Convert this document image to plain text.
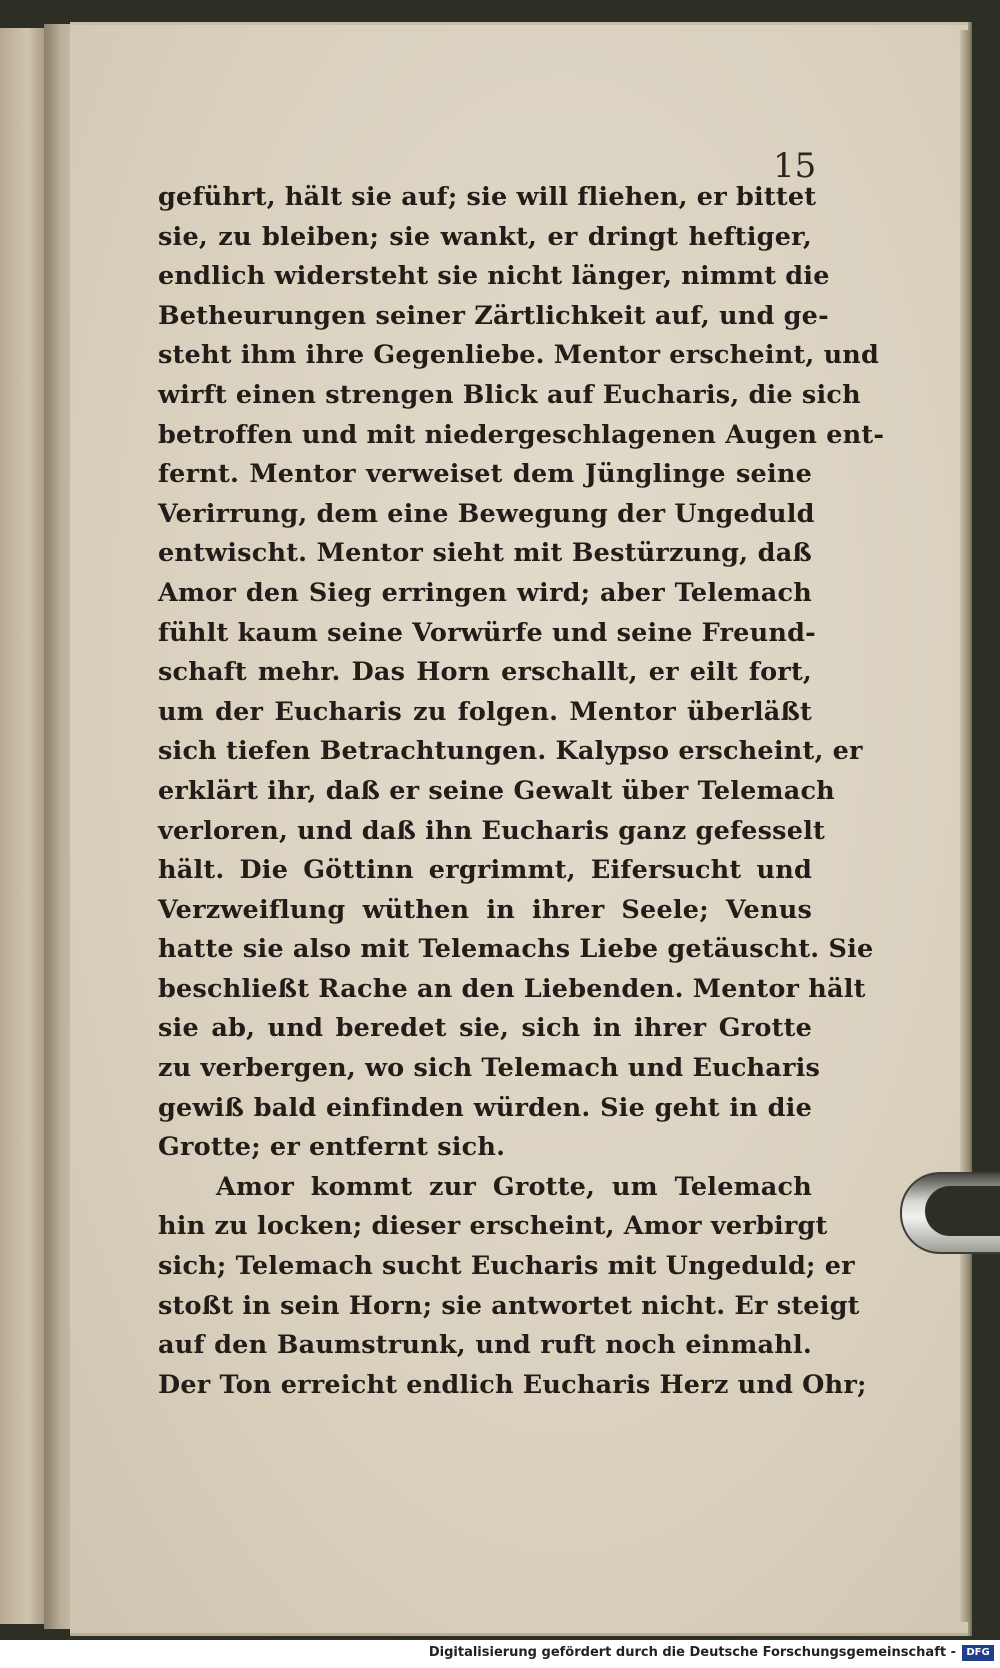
15
geführt, hält sie auf; sie will fliehen, er bittet
sie, zu bleiben; sie wankt, er dringt heftiger,
endlich widersteht sie nicht länger, nimmt die
Betheurungen seiner Zärtlichkeit auf, und ge-
steht ihm ihre Gegenliebe. Mentor erscheint, und
wirft einen strengen Blick auf Eucharis, die sich
betroffen und mit niedergeschlagenen Augen ent-
fernt. Mentor verweiset dem Jünglinge seine
Verirrung, dem eine Bewegung der Ungeduld
entwischt. Mentor sieht mit Bestürzung, daß
Amor den Sieg erringen wird; aber Telemach
fühlt kaum seine Vorwürfe und seine Freund-
schaft mehr. Das Horn erschallt, er eilt fort,
um der Eucharis zu folgen. Mentor überläßt
sich tiefen Betrachtungen. Kalypso erscheint, er
erklärt ihr, daß er seine Gewalt über Telemach
verloren, und daß ihn Eucharis ganz gefesselt
hält. Die Göttinn ergrimmt, Eifersucht und
Verzweiflung wüthen in ihrer Seele; Venus
hatte sie also mit Telemachs Liebe getäuscht. Sie
beschließt Rache an den Liebenden. Mentor hält
sie ab, und beredet sie, sich in ihrer Grotte
zu verbergen, wo sich Telemach und Eucharis
gewiß bald einfinden würden. Sie geht in die
Grotte; er entfernt sich.
Amor kommt zur Grotte, um Telemach
hin zu locken; dieser erscheint, Amor verbirgt
sich; Telemach sucht Eucharis mit Ungeduld; er
stoßt in sein Horn; sie antwortet nicht. Er steigt
auf den Baumstrunk, und ruft noch einmahl.
Der Ton erreicht endlich Eucharis Herz und Ohr;
Digitalisierung gefördert durch die Deutsche Forschungsgemeinschaft -	DFG
